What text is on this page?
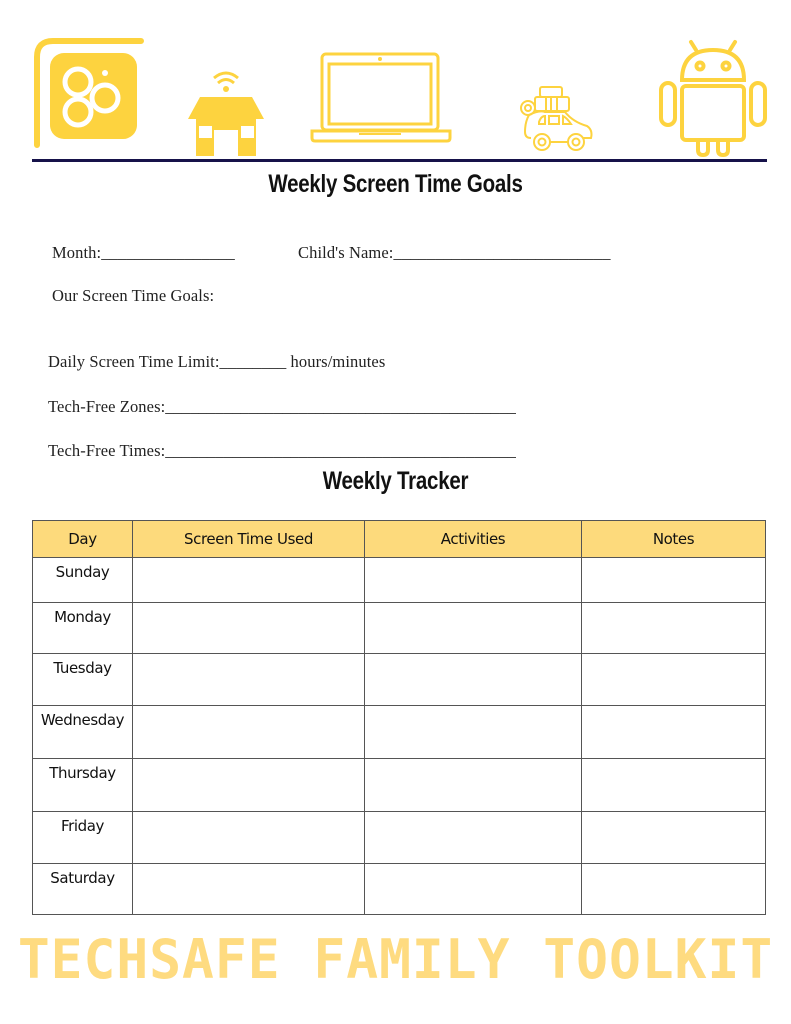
Weekly Screen Time Goals
Month:________________	Child's Name:__________________________
Our Screen Time Goals:
Daily Screen Time Limit:________ hours/minutes
Tech-Free Zones:__________________________________________
Tech-Free Times:__________________________________________
Weekly Tracker
Day	Screen Time Used	Activities	Notes
Sunday			
Monday			
Tuesday			
Wednesday			
Thursday			
Friday			
Saturday			
TECHSAFE FAMILY TOOLKIT
